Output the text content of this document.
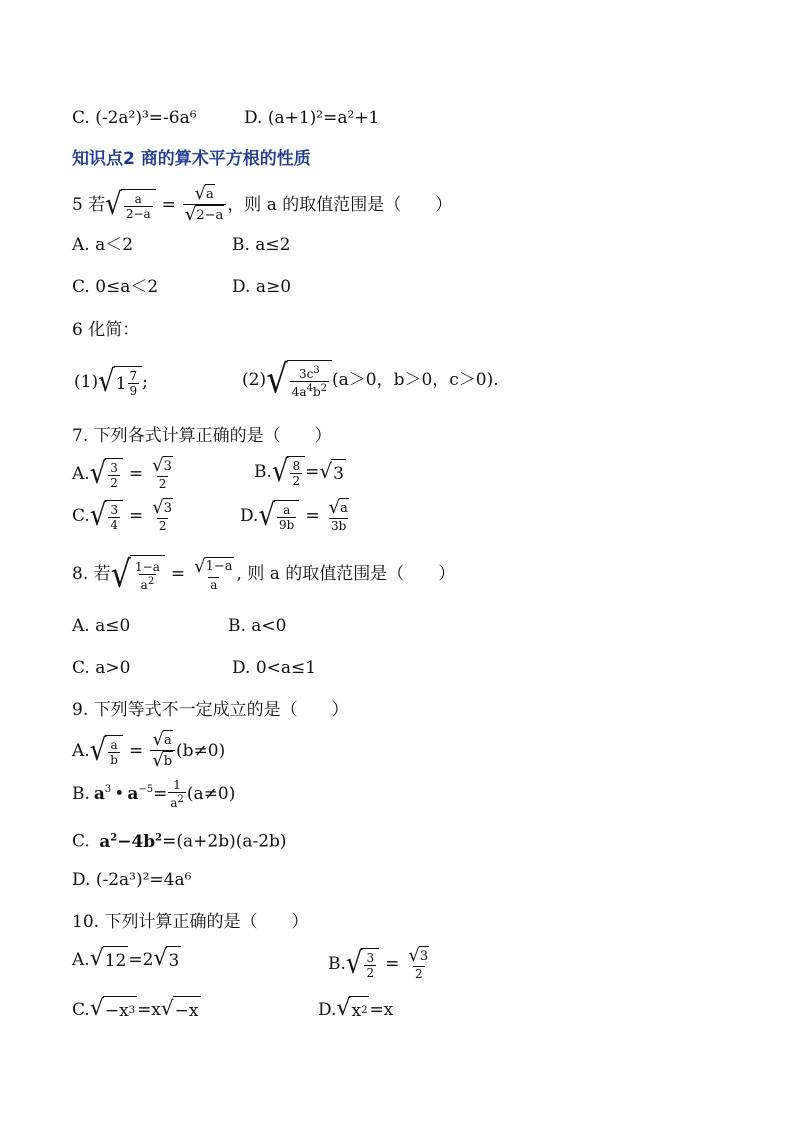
C. (-2a²)³=-6a⁶	D. (a+1)²=a²+1
知识点2 商的算术平方根的性质
5 若 √ $\frac{a}{2-a} = \frac{√ a}{√ 2-a}$ ，则 a 的取值范围是（　　）
A. a＜2	B. a≤2
C. 0≤a＜2	D. a≥0
6 化简：
(1) √ $1 \frac{7}{9}$ ;	(2) √ $\frac{3c^3}{4a^4b^2} (a>0$，b＞0，c＞0).
7. 下列各式计算正确的是（　　）
A. √ $\frac{3}{2} = \frac{√ 3}{2}$	B. √ $\frac{8}{2}$ = √ 3
C. √ $\frac{3}{4} = \frac{√ 3}{2}$	D. √ $\frac{a}{9b} = \frac{√ a}{3b}$
8. 若 √ $\frac{1-a}{a^2} = \frac{√ 1-a}{a}$ , 则 a 的取值范围是（　　）
A. a≤0	B. a<0
C. a>0	D. 0<a≤1
9. 下列等式不一定成立的是（　　）
A. √ $\frac{a}{b} = \frac{√ a}{√ b} (b\ne 0)$
B. $a^3$ • $a^{-5} = \frac{1}{a^2} (a\ne 0)$
C. $a^2-4b^2=(a+2b)(a-2b)$
D. (-2a³)²=4a⁶
10. 下列计算正确的是（　　）
A. √ 12 =2 √ 3	B. √ $\frac{3}{2} = \frac{√ 3}{2}$
C. √ −x 3 =x √ −x	D. √ x 2 =x
